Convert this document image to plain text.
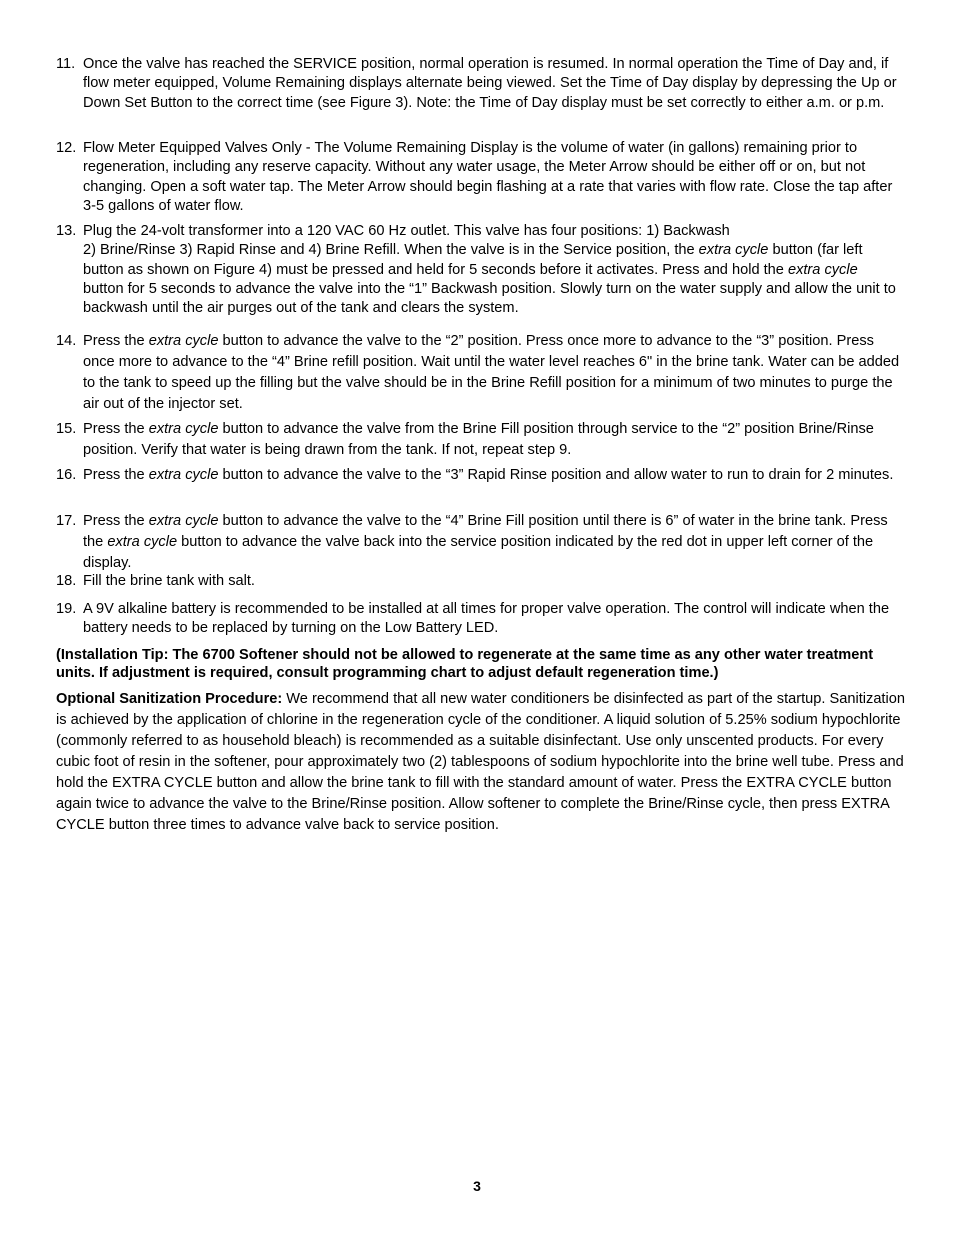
11. Once the valve has reached the SERVICE position, normal operation is resumed. In normal operation the Time of Day and, if flow meter equipped, Volume Remaining displays alternate being viewed. Set the Time of Day display by depressing the Up or Down Set Button to the correct time (see Figure 3). Note: the Time of Day display must be set correctly to either a.m. or p.m.

12. Flow Meter Equipped Valves Only - The Volume Remaining Display is the volume of water (in gallons) remaining prior to regeneration, including any reserve capacity. Without any water usage, the Meter Arrow should be either off or on, but not changing. Open a soft water tap. The Meter Arrow should begin flashing at a rate that varies with flow rate. Close the tap after 3-5 gallons of water flow.

13. Plug the 24-volt transformer into a 120 VAC 60 Hz outlet. This valve has four positions: 1) Backwash
2) Brine/Rinse 3) Rapid Rinse and 4) Brine Refill. When the valve is in the Service position, the extra cycle button (far left button as shown on Figure 4) must be pressed and held for 5 seconds before it activates. Press and hold the extra cycle button for 5 seconds to advance the valve into the “1” Backwash position. Slowly turn on the water supply and allow the unit to backwash until the air purges out of the tank and clears the system.

14. Press the extra cycle button to advance the valve to the “2” position. Press once more to advance to the “3” position. Press once more to advance to the “4” Brine refill position. Wait until the water level reaches 6" in the brine tank. Water can be added to the tank to speed up the filling but the valve should be in the Brine Refill position for a minimum of two minutes to purge the air out of the injector set.

15. Press the extra cycle button to advance the valve from the Brine Fill position through service to the “2” position Brine/Rinse position. Verify that water is being drawn from the tank. If not, repeat step 9.

16. Press the extra cycle button to advance the valve to the “3” Rapid Rinse position and allow water to run to drain for 2 minutes.

17. Press the extra cycle button to advance the valve to the “4” Brine Fill position until there is 6” of water in the brine tank. Press the extra cycle button to advance the valve back into the service position indicated by the red dot in upper left corner of the display.

18. Fill the brine tank with salt.

19. A 9V alkaline battery is recommended to be installed at all times for proper valve operation. The control will indicate when the battery needs to be replaced by turning on the Low Battery LED.

(Installation Tip: The 6700 Softener should not be allowed to regenerate at the same time as any other water treatment units. If adjustment is required, consult programming chart to adjust default regeneration time.)

Optional Sanitization Procedure: We recommend that all new water conditioners be disinfected as part of the startup. Sanitization is achieved by the application of chlorine in the regeneration cycle of the conditioner. A liquid solution of 5.25% sodium hypochlorite (commonly referred to as household bleach) is recommended as a suitable disinfectant. Use only unscented products. For every cubic foot of resin in the softener, pour approximately two (2) tablespoons of sodium hypochlorite into the brine well tube. Press and hold the EXTRA CYCLE button and allow the brine tank to fill with the standard amount of water. Press the EXTRA CYCLE button again twice to advance the valve to the Brine/Rinse position. Allow softener to complete the Brine/Rinse cycle, then press EXTRA CYCLE button three times to advance valve back to service position.

3
